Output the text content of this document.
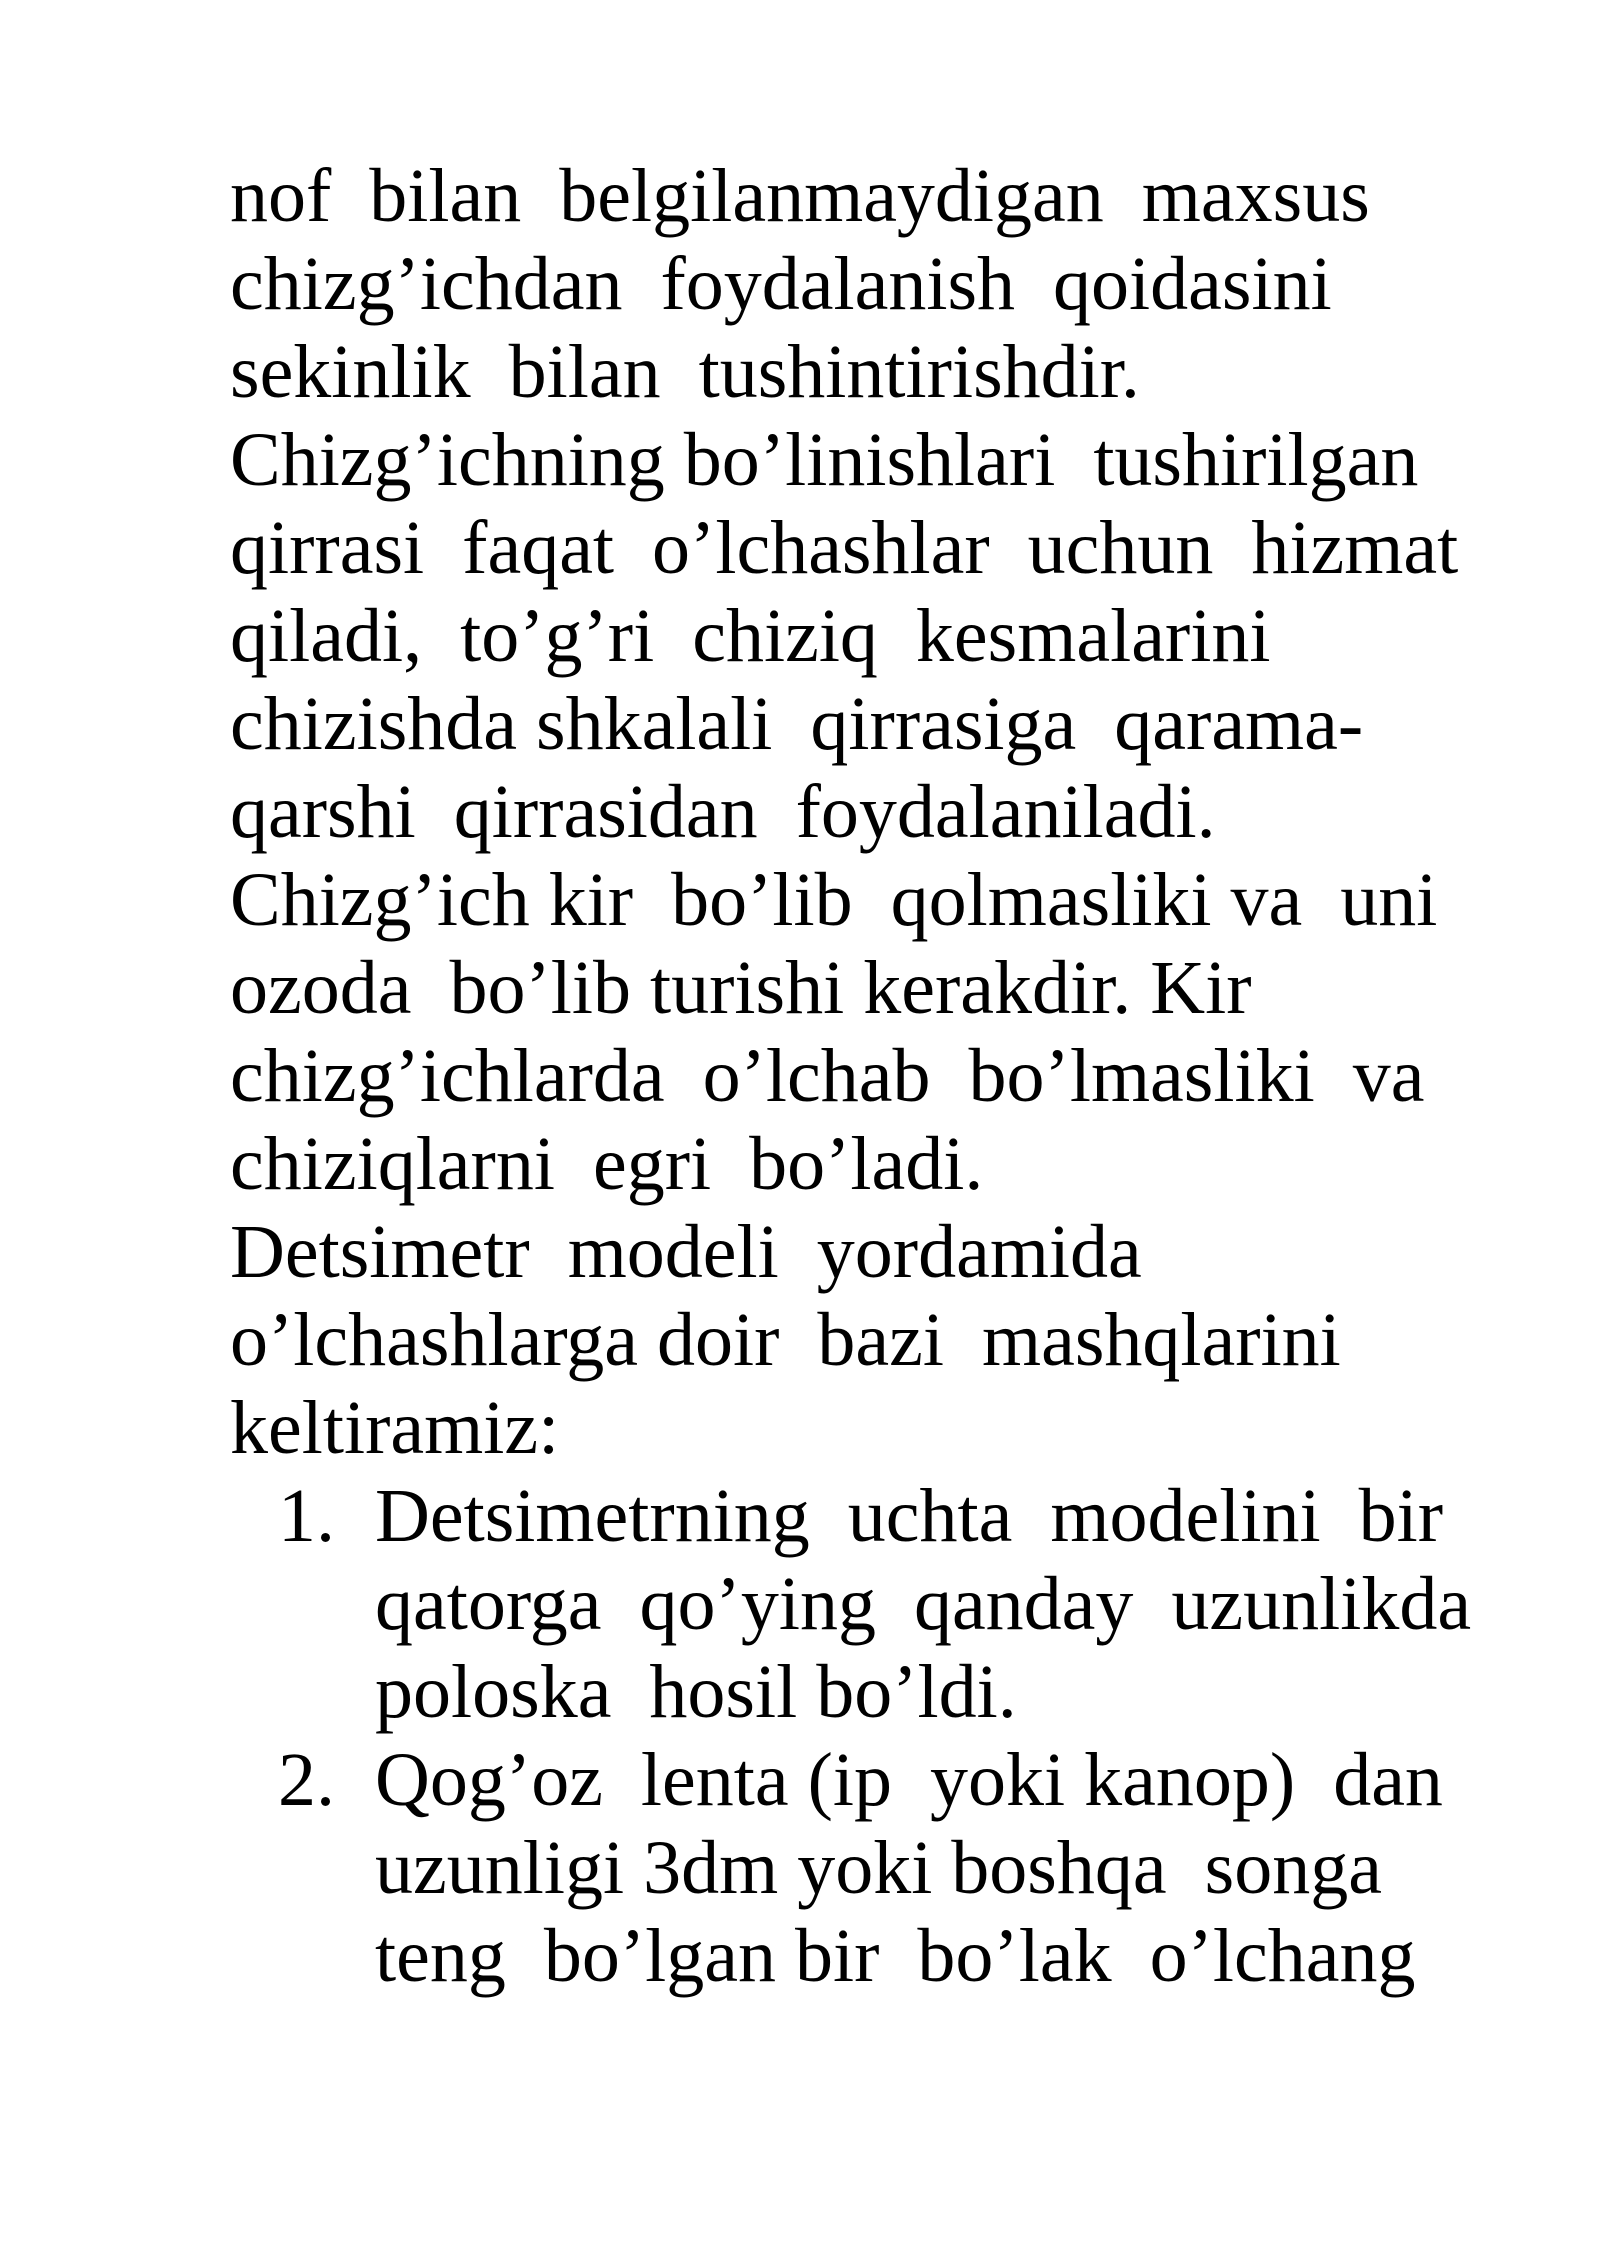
nof  bilan  belgilanmaydigan  maxsus
chizg’ichdan  foydalanish  qoidasini
sekinlik  bilan  tushintirishdir.
Chizg’ichning bo’linishlari  tushirilgan
qirrasi  faqat  o’lchashlar  uchun  hizmat
qiladi,  to’g’ri  chiziq  kesmalarini
chizishda shkalali  qirrasiga  qarama-
qarshi  qirrasidan  foydalaniladi.
Chizg’ich kir  bo’lib  qolmasliki va  uni
ozoda  bo’lib turishi kerakdir. Kir
chizg’ichlarda  o’lchab  bo’lmasliki  va
chiziqlarni  egri  bo’ladi.
Detsimetr  modeli  yordamida
o’lchashlarga doir  bazi  mashqlarini
keltiramiz:
1. Detsimetrning  uchta  modelini  bir
qatorga  qo’ying  qanday  uzunlikda
poloska  hosil bo’ldi.
2. Qog’oz  lenta (ip  yoki kanop)  dan
uzunligi 3dm yoki boshqa  songa
teng  bo’lgan bir  bo’lak  o’lchang
